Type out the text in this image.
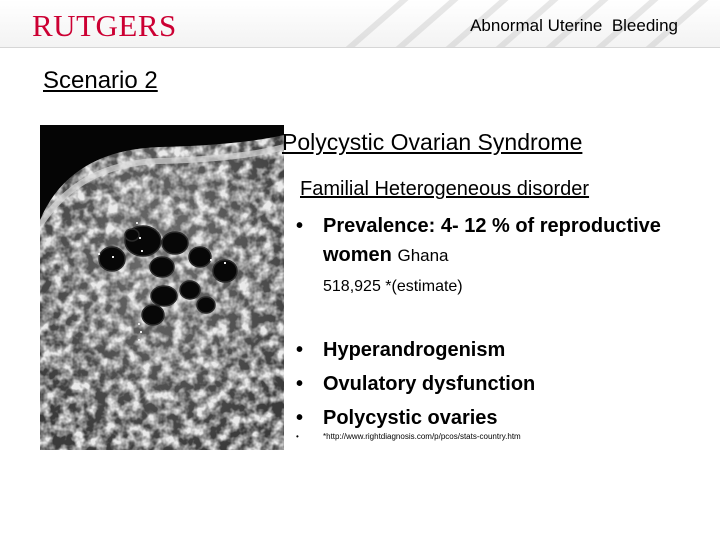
RUTGERS	Abnormal Uterine  Bleeding
Scenario 2
Polycystic Ovarian Syndrome
Familial Heterogeneous disorder
• Prevalence: 4- 12 % of reproductive women Ghana
518,925 *(estimate)
• Hyperandrogenism
• Ovulatory dysfunction
• Polycystic ovaries
•	*http://www.rightdiagnosis.com/p/pcos/stats-country.htm
